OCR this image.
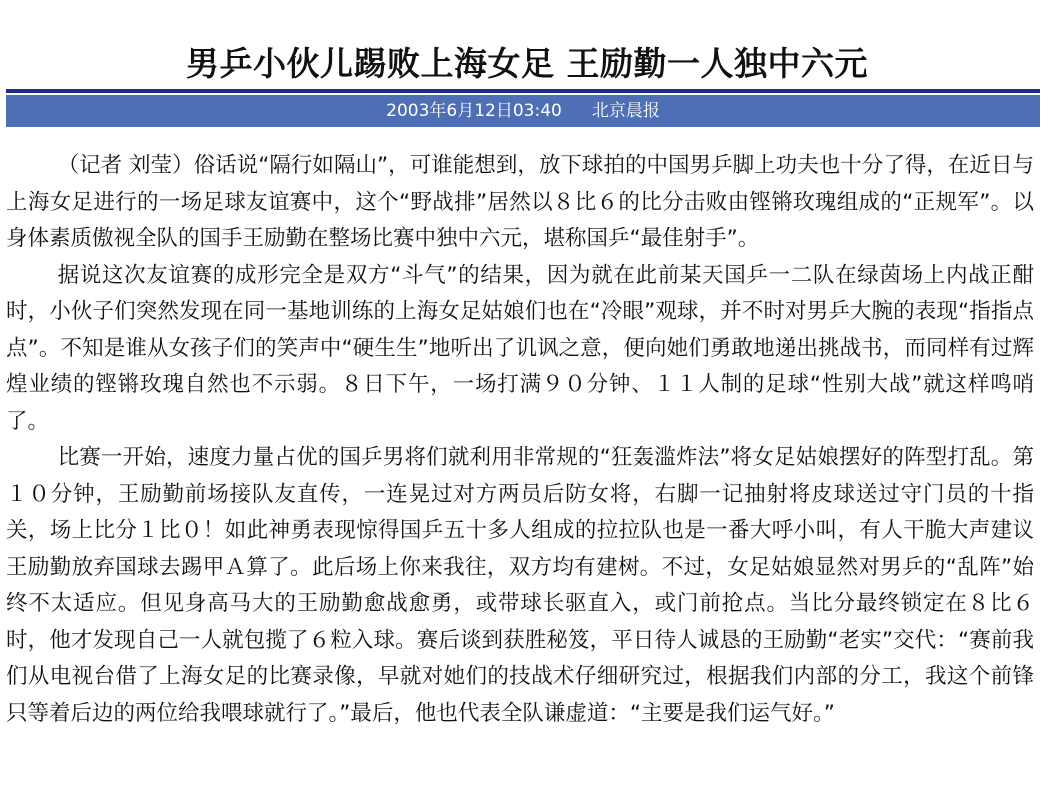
男乒小伙儿踢败上海女足 王励勤一人独中六元
2003年6月12日03:40 北京晨报

（记者 刘莹）俗话说“隔行如隔山”，可谁能想到，放下球拍的中国男乒脚上功夫也十分了得，在近日与上海女足进行的一场足球友谊赛中，这个“野战排”居然以８比６的比分击败由铿锵玫瑰组成的“正规军”。以身体素质傲视全队的国手王励勤在整场比赛中独中六元，堪称国乒“最佳射手”。

据说这次友谊赛的成形完全是双方“斗气”的结果，因为就在此前某天国乒一二队在绿茵场上内战正酣时，小伙子们突然发现在同一基地训练的上海女足姑娘们也在“冷眼”观球，并不时对男乒大腕的表现“指指点点”。不知是谁从女孩子们的笑声中“硬生生”地听出了讥讽之意，便向她们勇敢地递出挑战书，而同样有过辉煌业绩的铿锵玫瑰自然也不示弱。８日下午，一场打满９０分钟、１１人制的足球“性别大战”就这样鸣哨了。

比赛一开始，速度力量占优的国乒男将们就利用非常规的“狂轰滥炸法”将女足姑娘摆好的阵型打乱。第１０分钟，王励勤前场接队友直传，一连晃过对方两员后防女将，右脚一记抽射将皮球送过守门员的十指关，场上比分１比０！如此神勇表现惊得国乒五十多人组成的拉拉队也是一番大呼小叫，有人干脆大声建议王励勤放弃国球去踢甲Ａ算了。此后场上你来我往，双方均有建树。不过，女足姑娘显然对男乒的“乱阵”始终不太适应。但见身高马大的王励勤愈战愈勇，或带球长驱直入，或门前抢点。当比分最终锁定在８比６时，他才发现自己一人就包揽了６粒入球。赛后谈到获胜秘笈，平日待人诚恳的王励勤“老实”交代：“赛前我们从电视台借了上海女足的比赛录像，早就对她们的技战术仔细研究过，根据我们内部的分工，我这个前锋只等着后边的两位给我喂球就行了。”最后，他也代表全队谦虚道：“主要是我们运气好。”
